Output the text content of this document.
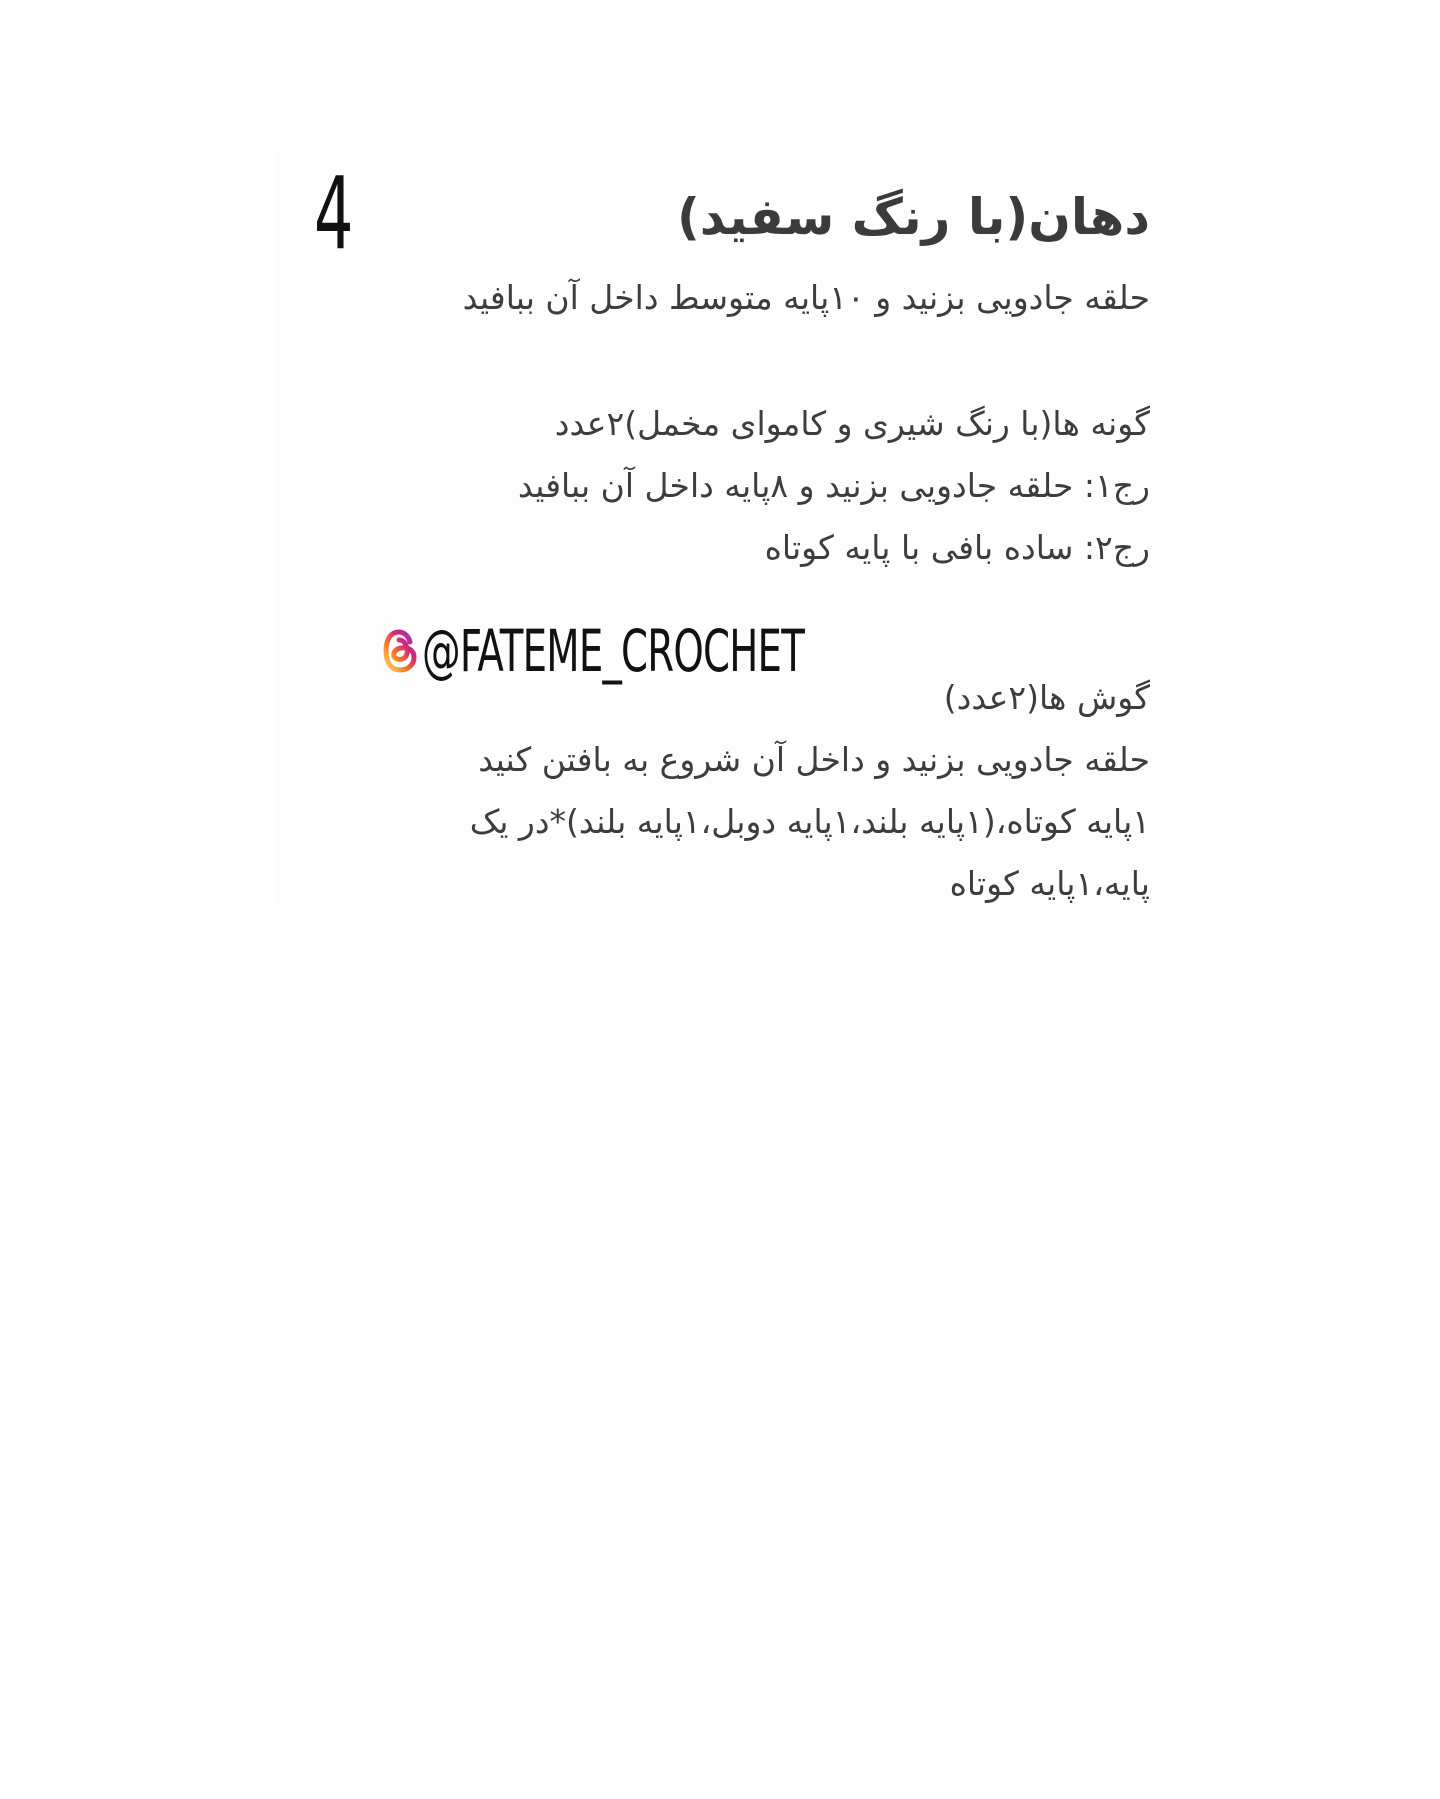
4	دهان(با رنگ سفید)

حلقه جادویی بزنید و ۱۰پایه متوسط داخل آن ببافید

گونه ها(با رنگ شیری و کاموای مخمل)۲عدد

رج۱: حلقه جادویی بزنید و ۸پایه داخل آن ببافید

رج۲: ساده بافی با پایه کوتاه

@FATEME_CROCHET

گوش ها(۲عدد)

حلقه جادویی بزنید و داخل آن شروع به بافتن کنید

۱پایه کوتاه،(۱پایه بلند،۱پایه دوبل،۱پایه بلند)*در یک

پایه،۱پایه کوتاه
